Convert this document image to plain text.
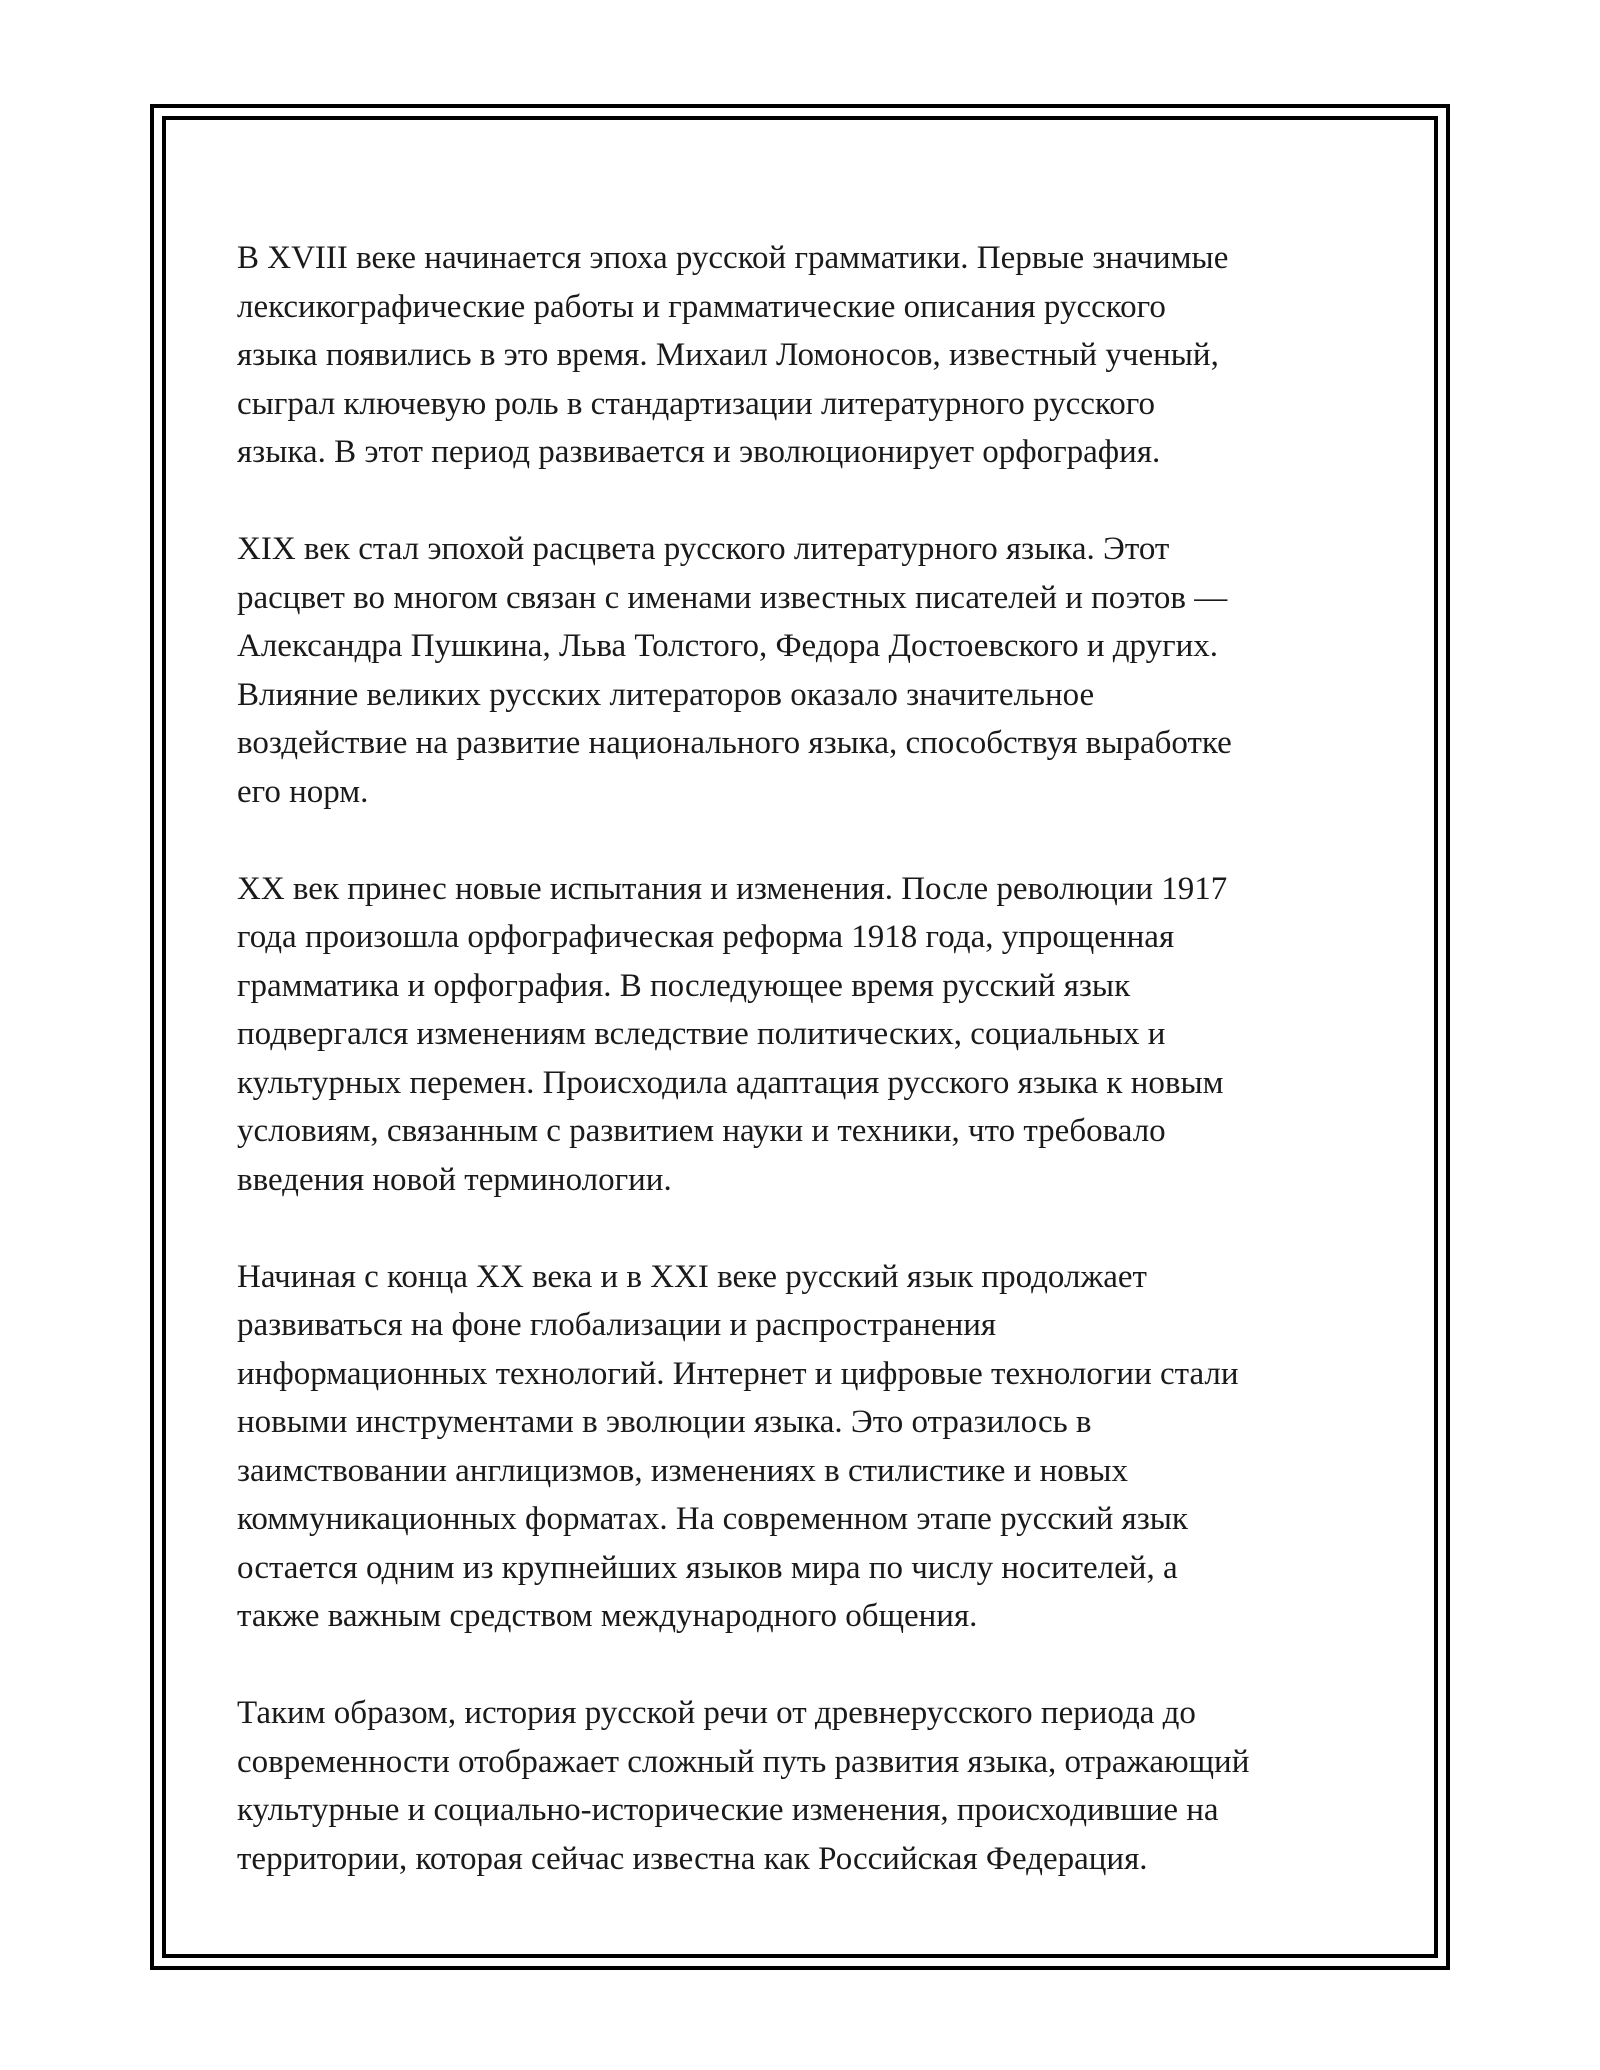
В XVIII веке начинается эпоха русской грамматики. Первые значимые
лексикографические работы и грамматические описания русского
языка появились в это время. Михаил Ломоносов, известный ученый,
сыграл ключевую роль в стандартизации литературного русского
языка. В этот период развивается и эволюционирует орфография.

XIX век стал эпохой расцвета русского литературного языка. Этот
расцвет во многом связан с именами известных писателей и поэтов —
Александра Пушкина, Льва Толстого, Федора Достоевского и других.
Влияние великих русских литераторов оказало значительное
воздействие на развитие национального языка, способствуя выработке
его норм.

XX век принес новые испытания и изменения. После революции 1917
года произошла орфографическая реформа 1918 года, упрощенная
грамматика и орфография. В последующее время русский язык
подвергался изменениям вследствие политических, социальных и
культурных перемен. Происходила адаптация русского языка к новым
условиям, связанным с развитием науки и техники, что требовало
введения новой терминологии.

Начиная с конца XX века и в XXI веке русский язык продолжает
развиваться на фоне глобализации и распространения
информационных технологий. Интернет и цифровые технологии стали
новыми инструментами в эволюции языка. Это отразилось в
заимствовании англицизмов, изменениях в стилистике и новых
коммуникационных форматах. На современном этапе русский язык
остается одним из крупнейших языков мира по числу носителей, а
также важным средством международного общения.

Таким образом, история русской речи от древнерусского периода до
современности отображает сложный путь развития языка, отражающий
культурные и социально-исторические изменения, происходившие на
территории, которая сейчас известна как Российская Федерация.
